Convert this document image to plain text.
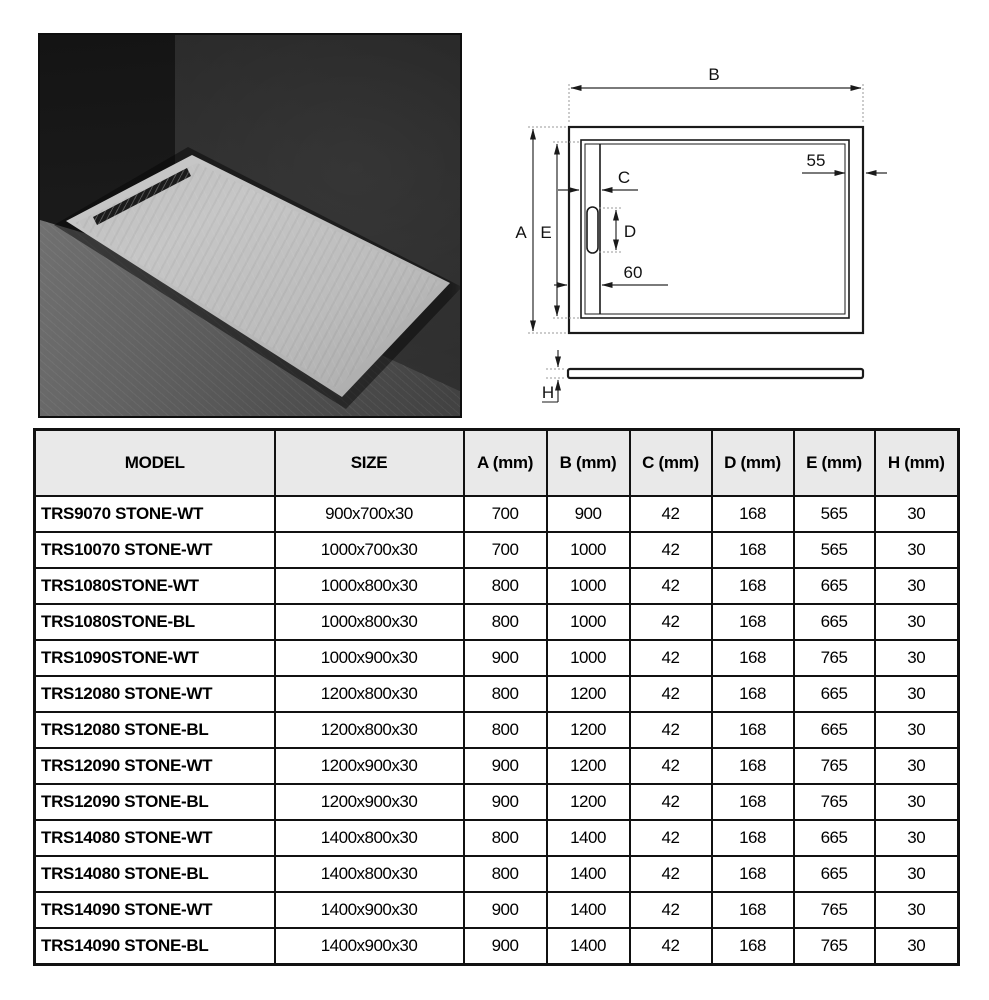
B
A E
C
D
60
55
H
MODEL	SIZE	A (mm)	B (mm)	C (mm)	D (mm)	E (mm)	H (mm)
TRS9070 STONE-WT	900x700x30	700	900	42	168	565	30
TRS10070 STONE-WT	1000x700x30	700	1000	42	168	565	30
TRS1080STONE-WT	1000x800x30	800	1000	42	168	665	30
TRS1080STONE-BL	1000x800x30	800	1000	42	168	665	30
TRS1090STONE-WT	1000x900x30	900	1000	42	168	765	30
TRS12080 STONE-WT	1200x800x30	800	1200	42	168	665	30
TRS12080 STONE-BL	1200x800x30	800	1200	42	168	665	30
TRS12090 STONE-WT	1200x900x30	900	1200	42	168	765	30
TRS12090 STONE-BL	1200x900x30	900	1200	42	168	765	30
TRS14080 STONE-WT	1400x800x30	800	1400	42	168	665	30
TRS14080 STONE-BL	1400x800x30	800	1400	42	168	665	30
TRS14090 STONE-WT	1400x900x30	900	1400	42	168	765	30
TRS14090 STONE-BL	1400x900x30	900	1400	42	168	765	30
